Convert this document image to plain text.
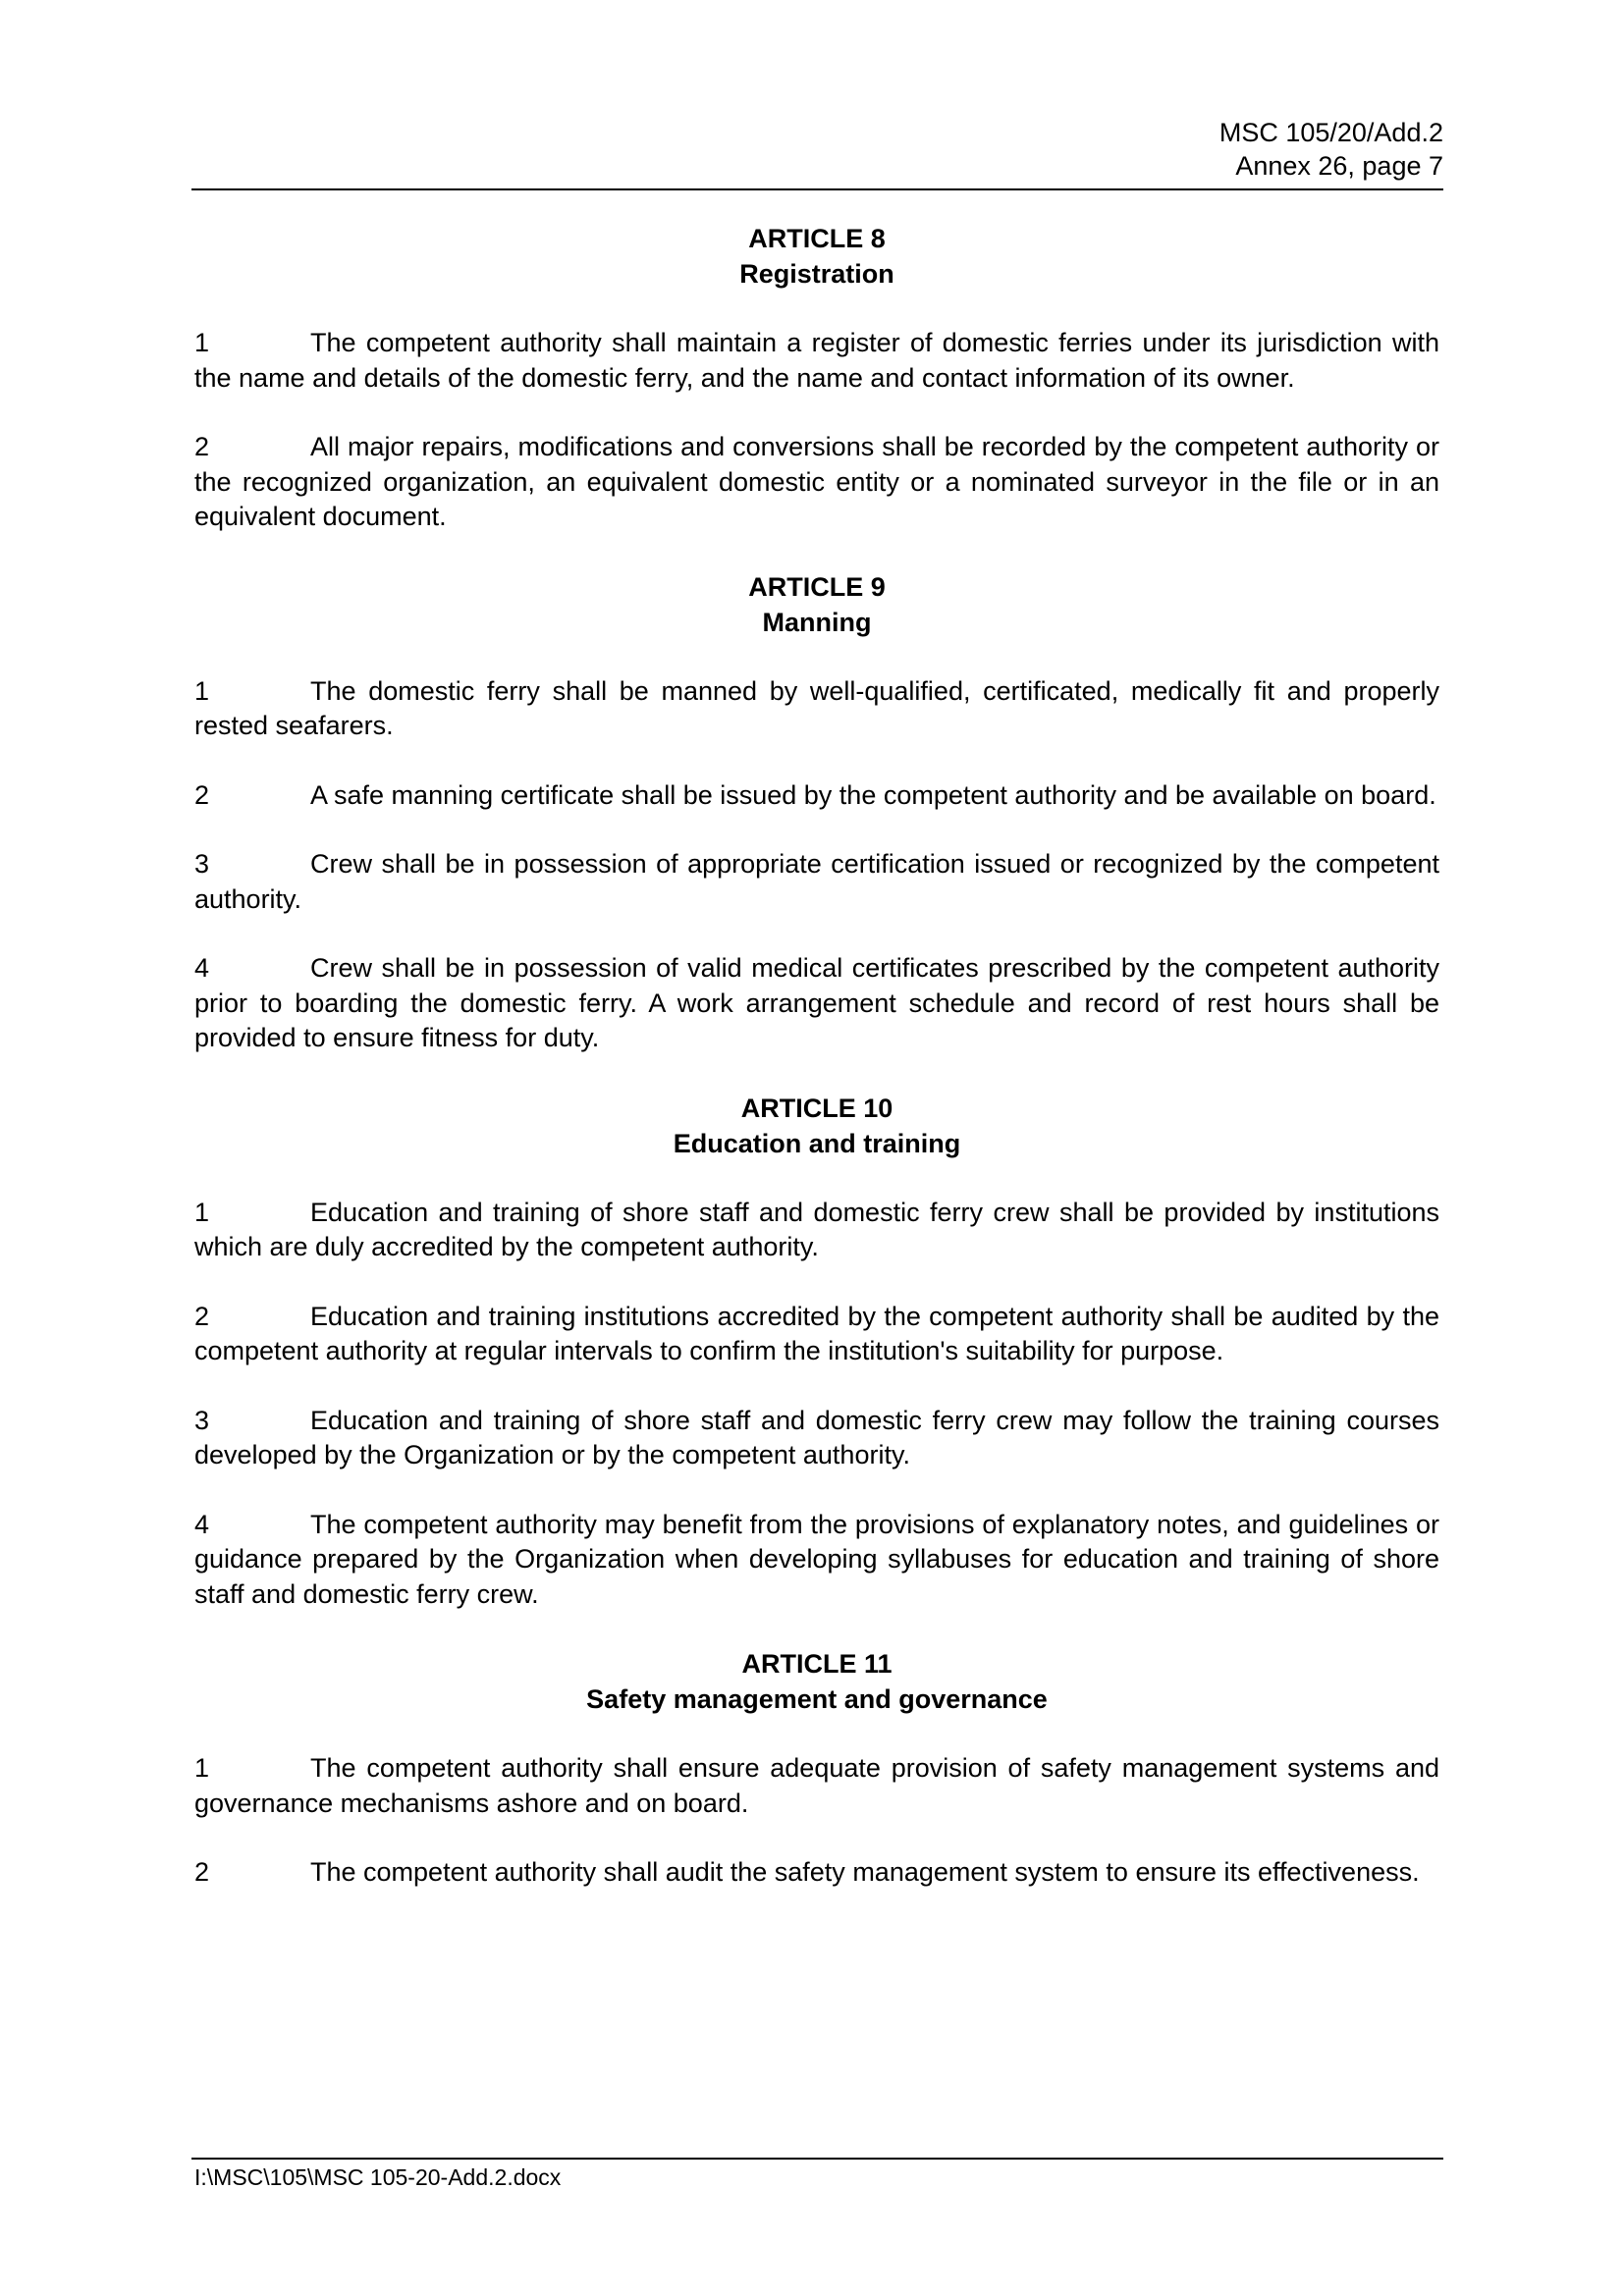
MSC 105/20/Add.2
Annex 26, page 7
ARTICLE 8
Registration

1	The competent authority shall maintain a register of domestic ferries under its jurisdiction with the name and details of the domestic ferry, and the name and contact information of its owner.

2	All major repairs, modifications and conversions shall be recorded by the competent authority or the recognized organization, an equivalent domestic entity or a nominated surveyor in the file or in an equivalent document.

ARTICLE 9
Manning

1	The domestic ferry shall be manned by well-qualified, certificated, medically fit and properly rested seafarers.

2	A safe manning certificate shall be issued by the competent authority and be available on board.

3	Crew shall be in possession of appropriate certification issued or recognized by the competent authority.

4	Crew shall be in possession of valid medical certificates prescribed by the competent authority prior to boarding the domestic ferry. A work arrangement schedule and record of rest hours shall be provided to ensure fitness for duty.

ARTICLE 10
Education and training

1	Education and training of shore staff and domestic ferry crew shall be provided by institutions which are duly accredited by the competent authority.

2	Education and training institutions accredited by the competent authority shall be audited by the competent authority at regular intervals to confirm the institution's suitability for purpose.

3	Education and training of shore staff and domestic ferry crew may follow the training courses developed by the Organization or by the competent authority.

4	The competent authority may benefit from the provisions of explanatory notes, and guidelines or guidance prepared by the Organization when developing syllabuses for education and training of shore staff and domestic ferry crew.

ARTICLE 11
Safety management and governance

1	The competent authority shall ensure adequate provision of safety management systems and governance mechanisms ashore and on board.

2	The competent authority shall audit the safety management system to ensure its effectiveness.

I:\MSC\105\MSC 105-20-Add.2.docx
